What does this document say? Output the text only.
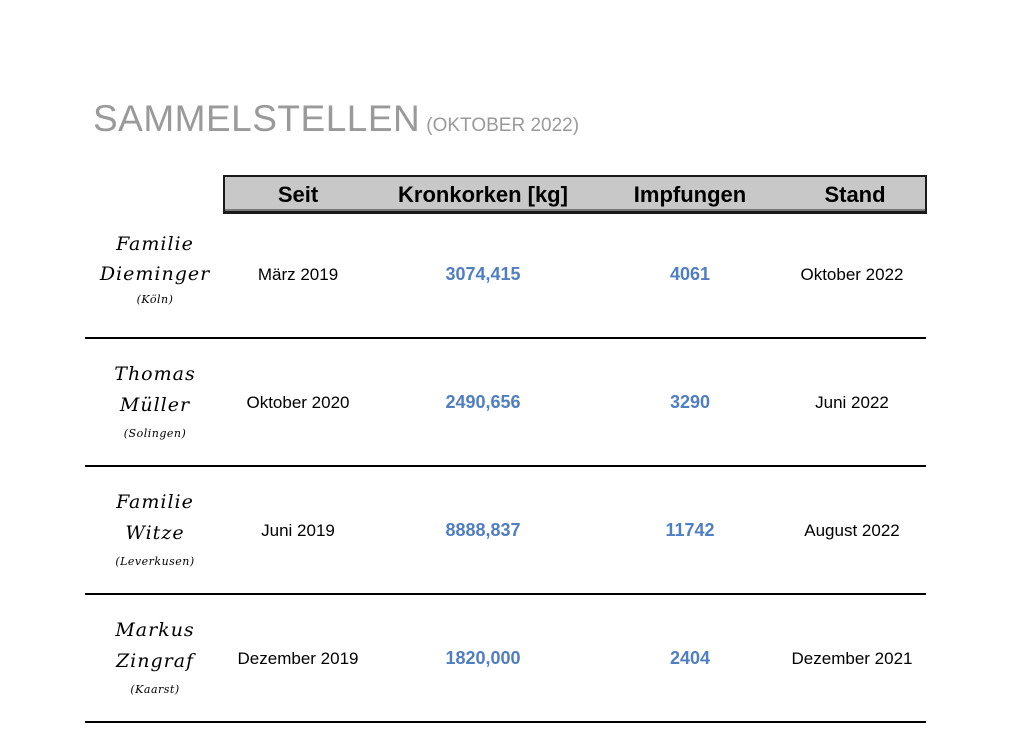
SAMMELSTELLEN (OKTOBER 2022)
Seit	Kronkorken [kg]	Impfungen	Stand
Familie
Dieminger
(Köln)
März 2019	3074,415	4061	Oktober 2022
Thomas
Müller
(Solingen)
Oktober 2020	2490,656	3290	Juni 2022
Familie
Witze
(Leverkusen)
Juni 2019	8888,837	11742	August 2022
Markus
Zingraf
(Kaarst)
Dezember 2019	1820,000	2404	Dezember 2021
